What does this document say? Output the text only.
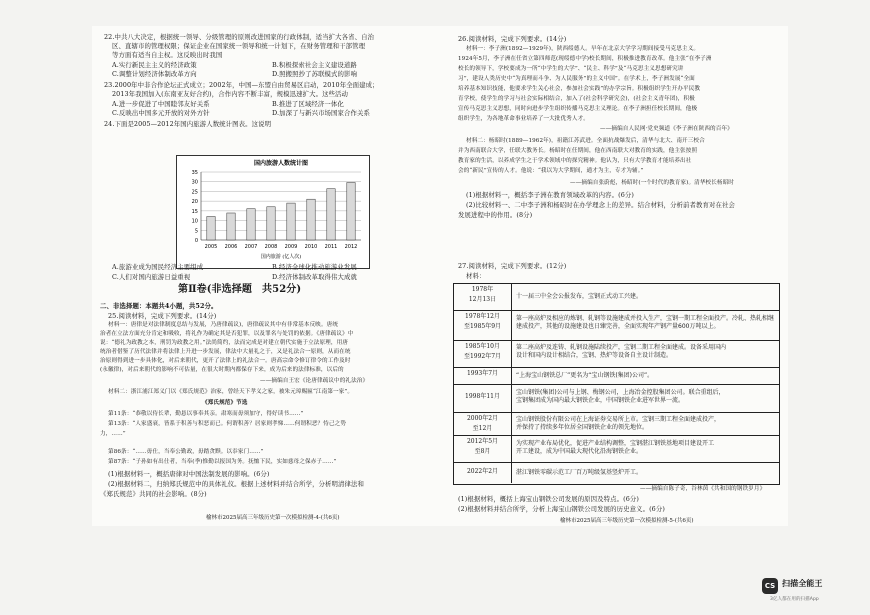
22.中共八大决定，根据统一领导、分级管理的原则改进国家的行政体制，适当扩大各省、自治
区、直辖市的管理权限；保证企业在国家统一领导和统一计划下，在财务管理和干部管理
等方面有适当自主权。这反映出时我国
A.实行新民主主义的经济政策	B.积极探索社会主义建设道路
C.调整计划经济体制改革方向	D.照搬照抄了苏联模式的影响
23.2000年中非合作论坛正式成立；2002年，中国—东盟自由贸易区启动，2010年全面建成；
2013年我国加入(东南亚友好合约)，合作内容不断丰富，规模迅速扩大。这些活动
A.进一步促进了中国睦邻友好关系	B.推进了区域经济一体化
C.反映出中国多元开放的对外方针	D.加深了与新兴市场国家合作关系
24.下面是2005—2012年国内旅游人数统计图表。这说明
国内旅游人数统计图
0
5
10
15
20
25
30
35
2005 2006 2007 2008 2009 2010 2011 2012
国内旅游 (亿人次)
A.旅游业成为国民经济主要组成	B.经济全球化推动旅游业发展
C.人们对国内旅游日益重视	D.经济体制改革取得伟大成就
第Ⅱ卷(非选择题　共52分)
二、非选择题：本题共4小题，共52分。
25.阅读材料，完成下列要求。(14分)
材料一：唐律是对法律制度总结与发展，乃唐律疏议)，唐律疏议其中有非常基本反映。唐统
治者在立法方面充分肯定和吸收，将礼作为确定其是否犯罪，以及罪名与处罚的依据。《唐律疏议》中
说：“德礼为政教之本，刑罚为政教之用。”法尚简约，法而完成是对建立朝代实施于立法原理，用唐
统治者借鉴了历代法律并将法律上升进一步发展，律法中大量礼之于，又是礼法合一原则，从而在统
治原则得到进一步具体化，对后来朝代，更开了法律上的礼法合一。唐高宗命令修订律令的工作及时
(永徽律)，对后来朝代的影响不可估量，在很大时期内都保存下来，成为后来的法律标准，以后的
——摘编自王宏《论唐律疏议中的礼法治》
材料二：浙江浦江郑义门以《郑氏规范》治家，曾经天下孝义之家，被朱元璋赐匾“江南第一家”。
《郑氏规范》节选
第11条：“恭敬以侍长辈，勤恳以事奉其亲。肃寒而毋须加守，得好读书……”
第13条：“人家盛衰，皆系于积善与积恶而已。何谓积善？居家则孝悌……何谓积恶？恃己之势
力，……”
第86条：“……毋仕，当奉公勤政，毋踏贪黩。以忝家门……”
第87条：“子孙如有出仕者，当奉(季)惟勤以报国为务。抚恤下民，实如慈母之保赤子……”
(1)根据材料一，概括唐律对中国法制发展的影响。(6分)
(2)根据材料二，归纳郑氏规范中的具体礼仪。根据上述材料并结合所学，分析明清律法和
《郑氏规范》共同的社会影响。(8分)
榆林市2025届高三年级历史第一次模拟检测-4-(共6页)
26.阅读材料，完成下列要求。(14分)
材料一：李子洲(1892—1929年)，陕西绥德人。早年在北京大学学习期间接受马克思主义。
1924年5月，李子洲在任省立第四师范(现绥德中学)校长期间，积极推进教育改革。他主张“在李子洲
校长的领导下，学校要成为一所“中学生的大学”、“民主、科学”及“马克思主义思想研究讲
习”，建设人类历史中“为真理而斗争、为人民服务”的主义中国”。在学术上，李子洲发展“全面
培养基本知识技能，他要求学生关心社会，参加社会实践”的办学宗旨。积极组织学生开办平民教
育学校，使学生的学习与社会实际相结合，加入了(社会科学研究会)，(社会主义青年团)，积极
宣传马克思主义思想，同时向进步学生组织传播马克思主义理论。在李子洲担任校长期间，他极
组织学生，为各地革命事业培养了一大批优秀人才。
——摘编自人民网·党史频道《李子洲在陕西的百年》
材料二：杨昭时(1889—1962年)，祖籍江苏武进。全面抗战爆发后，清华与北大、南开三校合
并为西南联合大学，任联大教务长。杨昭时在任期间，他在西南联大对教育的实践，他主张按照
教育家的生活，以养成学生之于学术领域中的探究精神。他认为，只有大学教育才能培养出社
会的“新民”宣传的人才。他说：“我以为大学期间，通才为主，专才为辅。”
——摘编自张蔚彪，杨昭时(一个时代的教育家)。清华校长杨昭时
(1)根据材料一，概括李子洲在教育领域改革的内容。(6分)
(2)比较材料一、二中李子洲和杨昭时在办学理念上的差异。结合材料，分析前者教育对在社会
发展进程中的作用。(8分)
27.阅读材料，完成下列要求。(12分)
材料：
1978年
12月13日	十一届三中全会公报发布，宝钢正式动工兴建。
1978年12月
至1985年9月
第一座高炉及相应的炼钢、轧钢等设施建成并投入生产，宝钢一期工程全面投产。冷轧、热轧相继
建成投产，其他的设施建设也日臻完善，全面实现年产钢产量600万吨以上。
1985年10月
至1992年7月
第二座高炉及连铸、轧钢设施陆续投产，宝钢二期工程全面建成。设备采用国内
设计和国内设计相结合，宝钢、热炉等设备自主设计制造。
1993年7月	“上海宝山钢铁总厂”更名为“宝山钢铁(集团)公司”。
1998年11月
宝山钢铁(集团)公司与上钢、梅钢公司，上海冶金控股集团公司。联合重组后，
宝钢集团成为国内最大钢铁企业，中国钢铁企业进军世界一流。
2000年2月
至12月
宝山钢铁股份有限公司在上海证券交易所上市。宝钢三期工程全面建成投产，
并保持了持续多年位居全国钢铁企业的领先地位。
2012年5月
至8月
为实现产业布局优化，促进产业结构调整，宝钢湛江钢铁基地项目建设开工
开工建设，成为中国最大现代化沿海钢铁企业。
2022年2月	湛江钢铁零碳示范工厂百万吨级氢基竖炉开工。
——摘编自陈子奇，谷林茵《共和国的钢铁岁月》
(1)根据材料，概括上海宝山钢铁公司发展的原因及特点。(6分)
(2)根据材料并结合所学，分析上海宝山钢铁公司发展的历史意义。(6分)
榆林市2025届高三年级历史第一次模拟检测-5-(共6页)
CS 扫描全能王
3亿人都在用的扫描App
